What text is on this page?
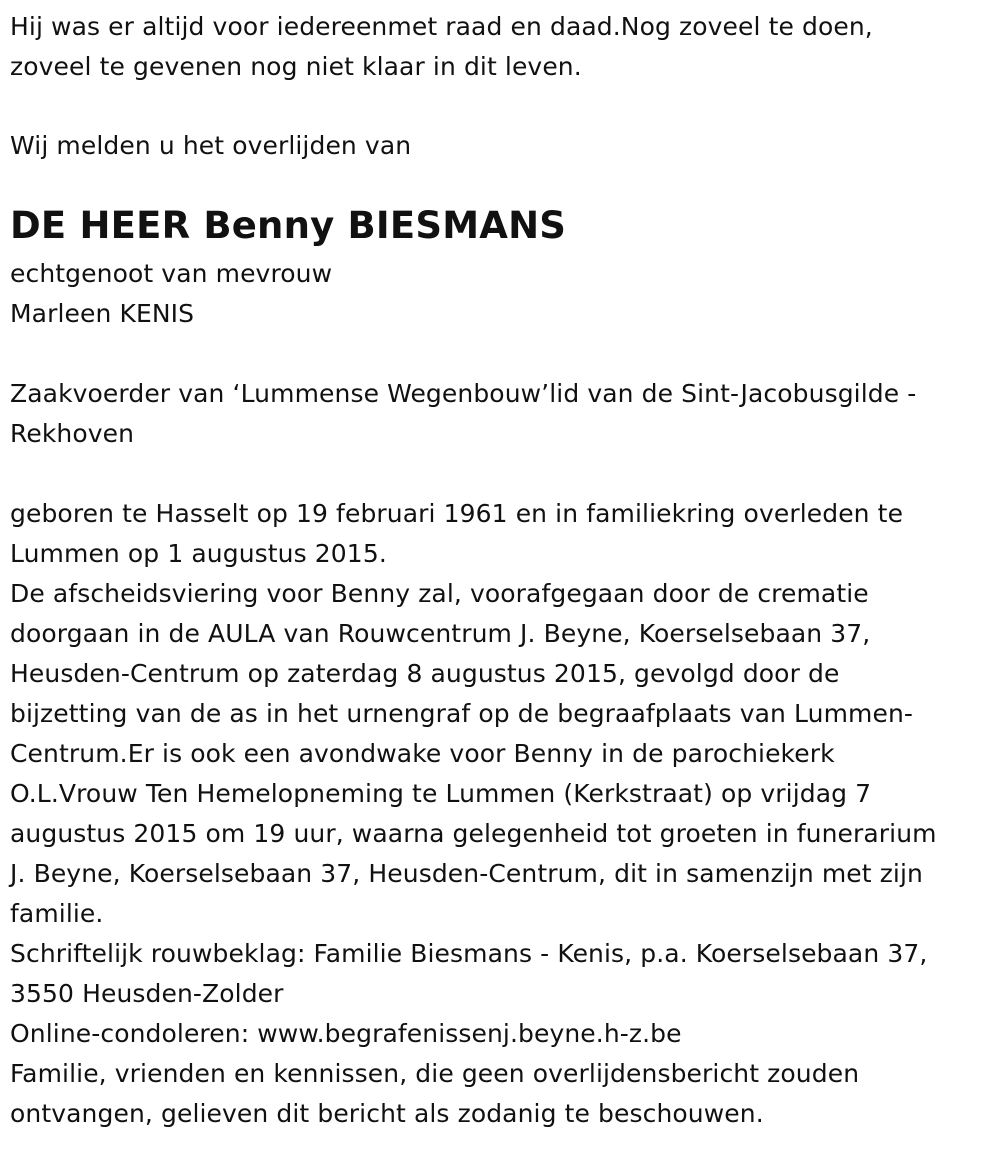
Hij was er altijd voor iedereenmet raad en daad.Nog zoveel te doen,
zoveel te gevenen nog niet klaar in dit leven.
Wij melden u het overlijden van
DE HEER Benny BIESMANS
echtgenoot van mevrouw
Marleen KENIS
Zaakvoerder van ‘Lummense Wegenbouw’lid van de Sint-Jacobusgilde -
Rekhoven
geboren te Hasselt op 19 februari 1961 en in familiekring overleden te
Lummen op 1 augustus 2015.
De afscheidsviering voor Benny zal, voorafgegaan door de crematie
doorgaan in de AULA van Rouwcentrum J. Beyne, Koerselsebaan 37,
Heusden-Centrum op zaterdag 8 augustus 2015, gevolgd door de
bijzetting van de as in het urnengraf op de begraafplaats van Lummen-
Centrum.Er is ook een avondwake voor Benny in de parochiekerk
O.L.Vrouw Ten Hemelopneming te Lummen (Kerkstraat) op vrijdag 7
augustus 2015 om 19 uur, waarna gelegenheid tot groeten in funerarium
J. Beyne, Koerselsebaan 37, Heusden-Centrum, dit in samenzijn met zijn
familie.
Schriftelijk rouwbeklag: Familie Biesmans - Kenis, p.a. Koerselsebaan 37,
3550 Heusden-Zolder
Online-condoleren: www.begrafenissenj.beyne.h-z.be
Familie, vrienden en kennissen, die geen overlijdensbericht zouden
ontvangen, gelieven dit bericht als zodanig te beschouwen.
